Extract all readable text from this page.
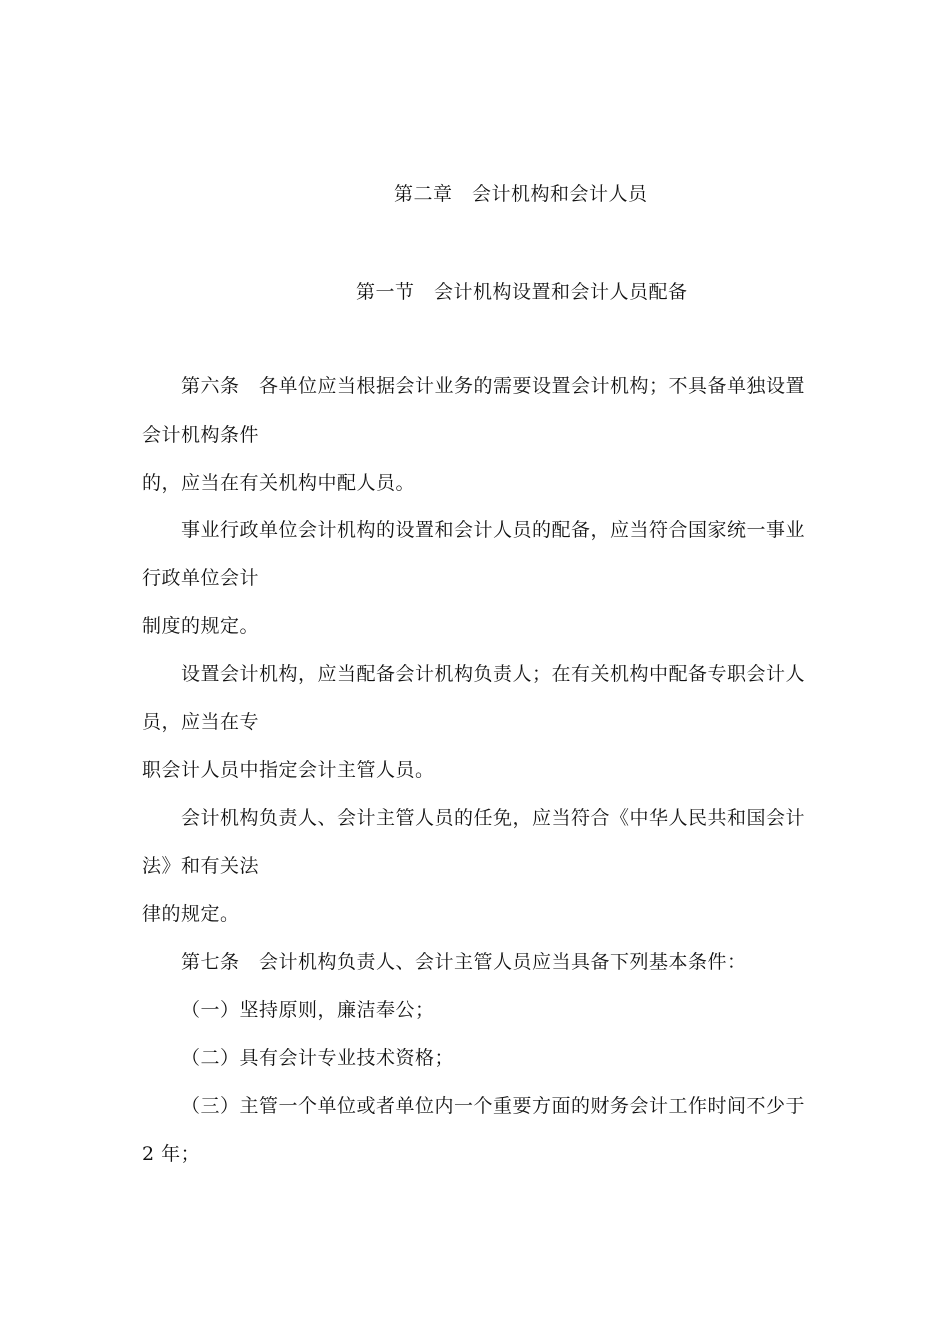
第二章　会计机构和会计人员
第一节　会计机构设置和会计人员配备
第六条　各单位应当根据会计业务的需要设置会计机构；不具备单独设置
会计机构条件
的，应当在有关机构中配人员。
事业行政单位会计机构的设置和会计人员的配备，应当符合国家统一事业
行政单位会计
制度的规定。
设置会计机构，应当配备会计机构负责人；在有关机构中配备专职会计人
员，应当在专
职会计人员中指定会计主管人员。
会计机构负责人、会计主管人员的任免，应当符合《中华人民共和国会计
法》和有关法
律的规定。
第七条　会计机构负责人、会计主管人员应当具备下列基本条件：
（一）坚持原则，廉洁奉公；
（二）具有会计专业技术资格；
（三）主管一个单位或者单位内一个重要方面的财务会计工作时间不少于
2 年；
